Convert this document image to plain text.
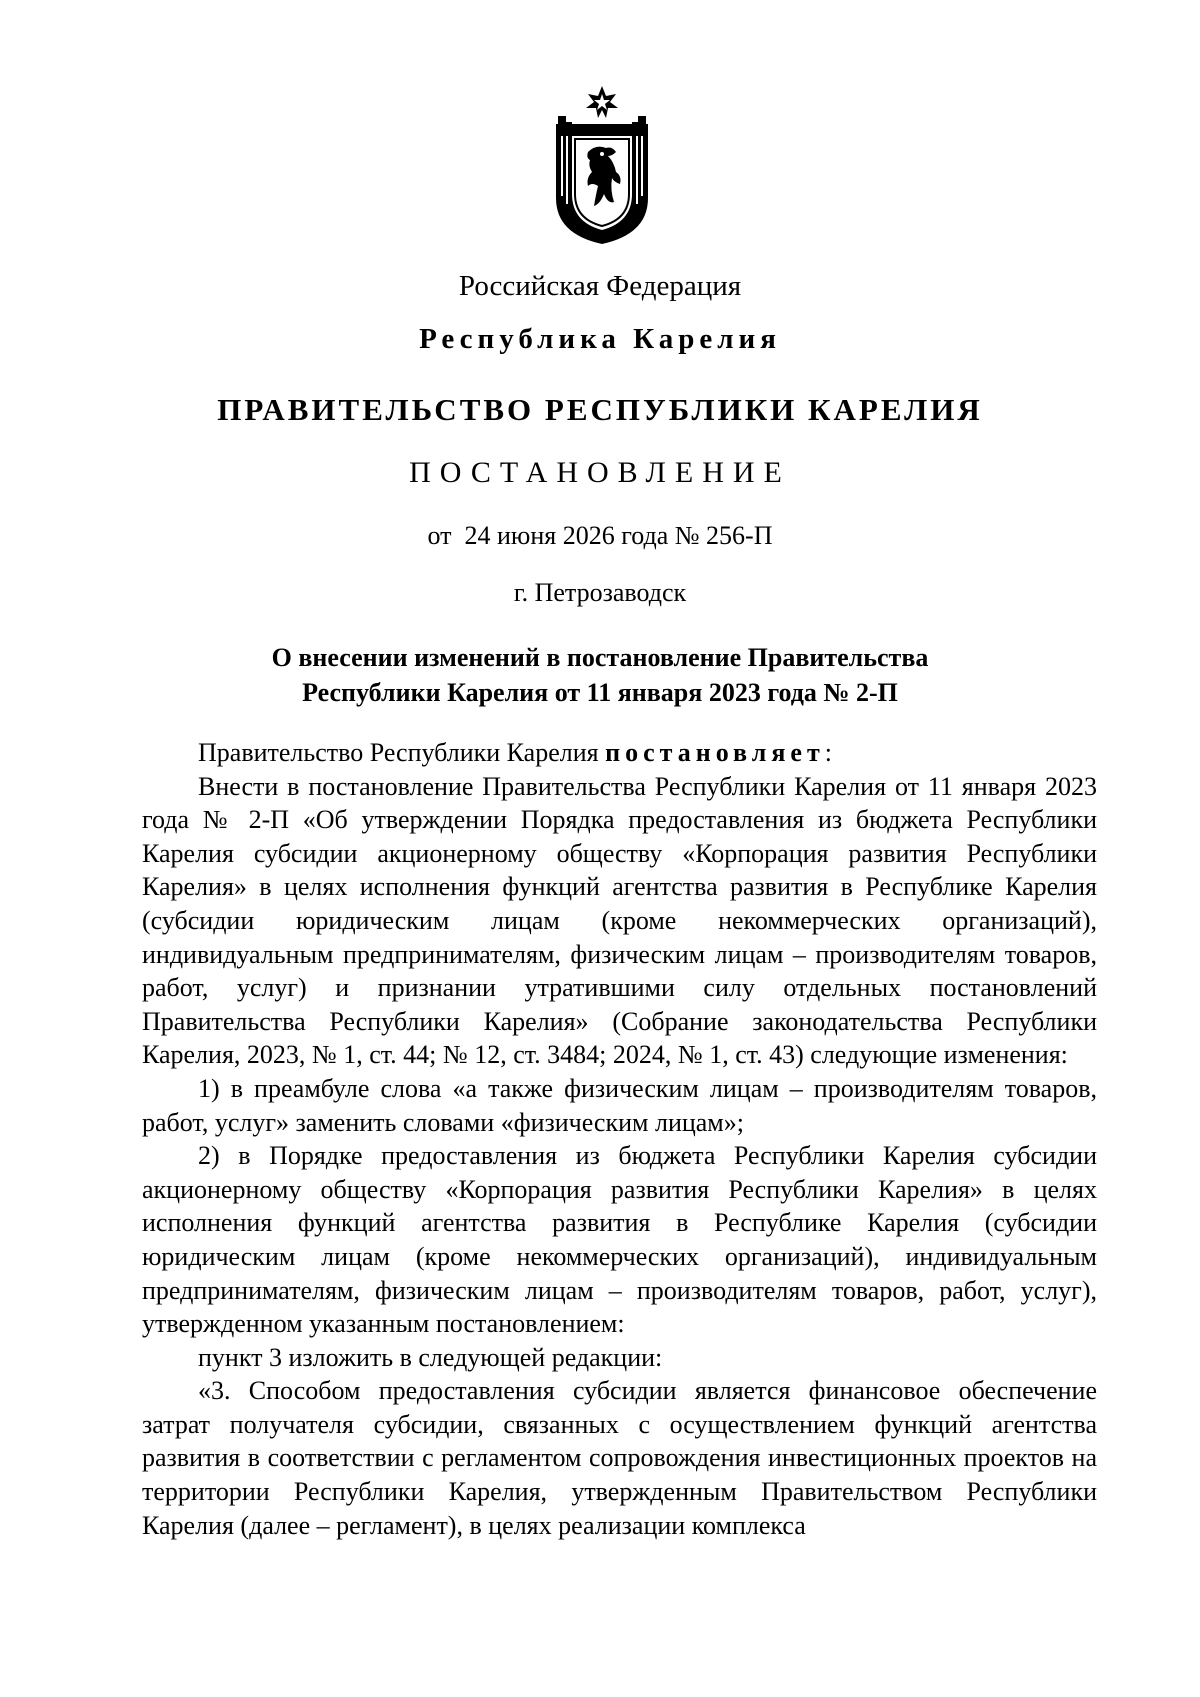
Российская Федерация
Республика Карелия
ПРАВИТЕЛЬСТВО РЕСПУБЛИКИ КАРЕЛИЯ
ПОСТАНОВЛЕНИЕ
от  24 июня 2026 года № 256-П
г. Петрозаводск
О внесении изменений в постановление Правительства
Республики Карелия от 11 января 2023 года № 2-П

Правительство Республики Карелия постановляет:

Внести в постановление Правительства Республики Карелия от 11 января 2023 года № 2-П «Об утверждении Порядка предоставления из бюджета Республики Карелия субсидии акционерному обществу «Корпорация развития Республики Карелия» в целях исполнения функций агентства развития в Республике Карелия (субсидии юридическим лицам (кроме некоммерческих организаций), индивидуальным предпринимателям, физическим лицам – производителям товаров, работ, услуг) и признании утратившими силу отдельных постановлений Правительства Республики Карелия» (Собрание законодательства Республики Карелия, 2023, № 1, ст. 44; № 12, ст. 3484; 2024, № 1, ст. 43) следующие изменения:

1) в преамбуле слова «а также физическим лицам – производителям товаров, работ, услуг» заменить словами «физическим лицам»;

2) в Порядке предоставления из бюджета Республики Карелия субсидии акционерному обществу «Корпорация развития Республики Карелия» в целях исполнения функций агентства развития в Республике Карелия (субсидии юридическим лицам (кроме некоммерческих организаций), индивидуальным предпринимателям, физическим лицам – производителям товаров, работ, услуг), утвержденном указанным постановлением:

пункт 3 изложить в следующей редакции:

«3. Способом предоставления субсидии является финансовое обеспечение затрат получателя субсидии, связанных с осуществлением функций агентства развития в соответствии с регламентом сопровождения инвестиционных проектов на территории Республики Карелия, утвержденным Правительством Республики Карелия (далее – регламент), в целях реализации комплекса
